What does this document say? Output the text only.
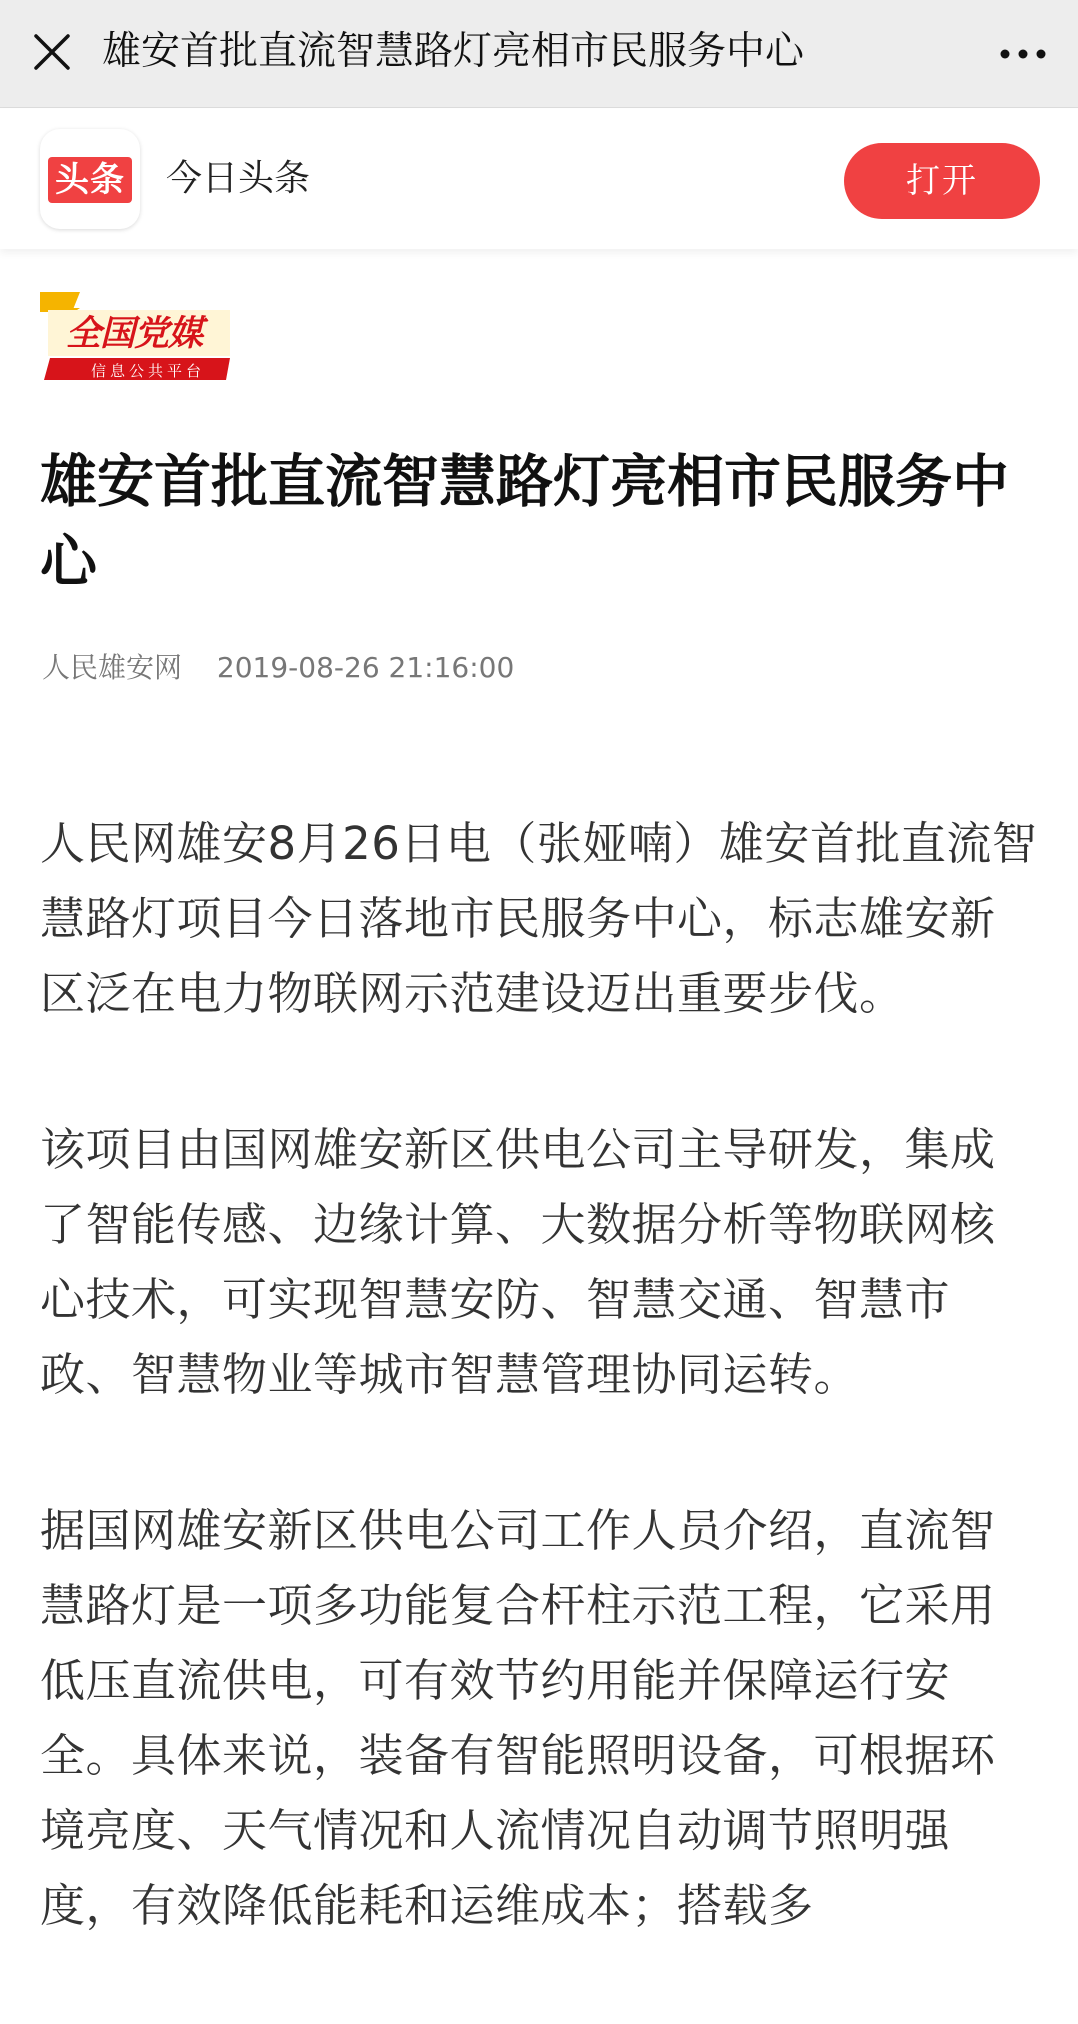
雄安首批直流智慧路灯亮相市民服务中心
头条 今日头条	打开
全国党媒
信息公共平台
雄安首批直流智慧路灯亮相市民服务中心
人民雄安网 2019-08-26 21:16:00

人民网雄安8月26日电（张娅喃）雄安首批直流智慧路灯项目今日落地市民服务中心，标志雄安新区泛在电力物联网示范建设迈出重要步伐。

该项目由国网雄安新区供电公司主导研发，集成了智能传感、边缘计算、大数据分析等物联网核心技术，可实现智慧安防、智慧交通、智慧市政、智慧物业等城市智慧管理协同运转。

据国网雄安新区供电公司工作人员介绍，直流智慧路灯是一项多功能复合杆柱示范工程，它采用低压直流供电，可有效节约用能并保障运行安全。具体来说，装备有智能照明设备，可根据环境亮度、天气情况和人流情况自动调节照明强度，有效降低能耗和运维成本；搭载多
